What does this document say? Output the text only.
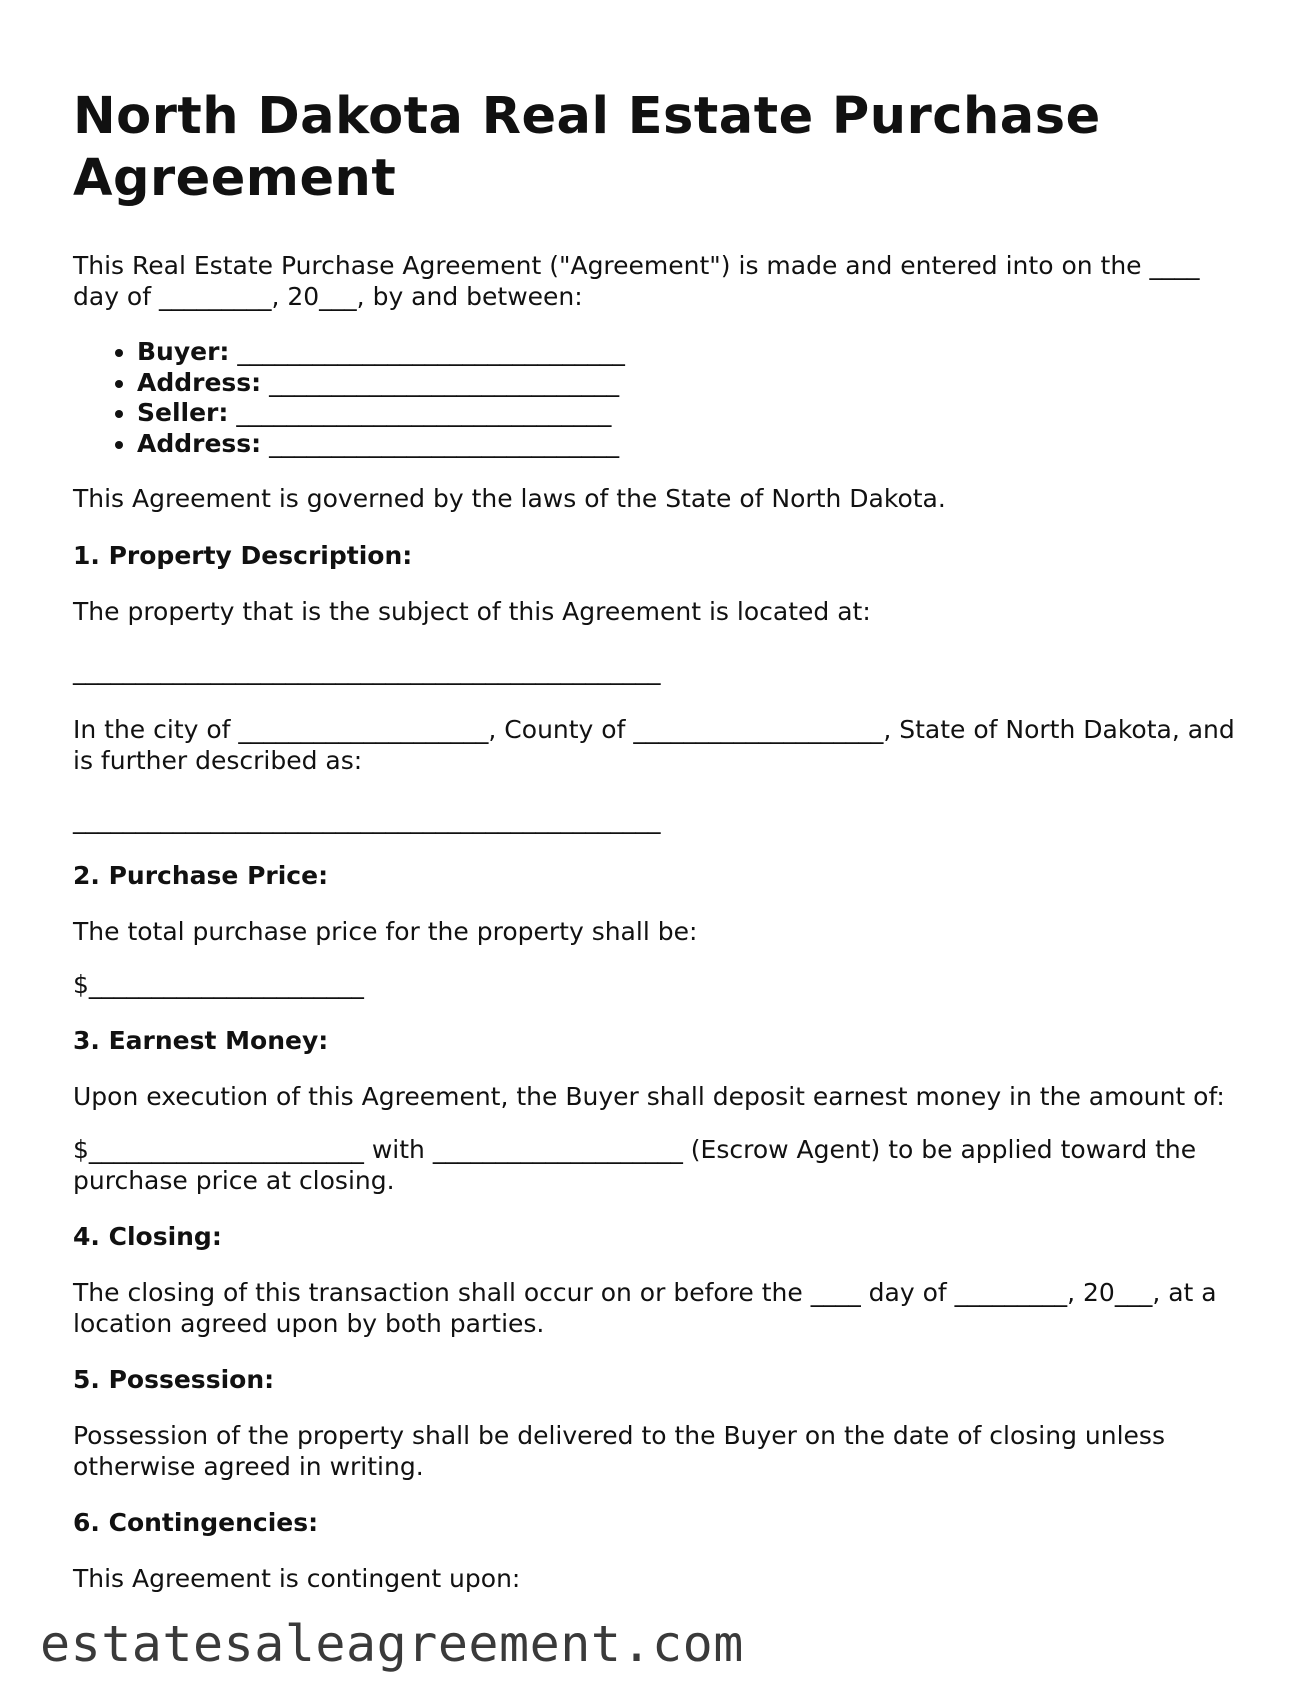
North Dakota Real Estate Purchase Agreement

This Real Estate Purchase Agreement ("Agreement") is made and entered into on the ____ day of _________, 20___, by and between:

• Buyer: _______________________________
• Address: ____________________________
• Seller: ______________________________
• Address: ____________________________

This Agreement is governed by the laws of the State of North Dakota.

1. Property Description:

The property that is the subject of this Agreement is located at:

_______________________________________________

In the city of ____________________, County of ____________________, State of North Dakota, and is further described as:

_______________________________________________

2. Purchase Price:

The total purchase price for the property shall be:

$______________________

3. Earnest Money:

Upon execution of this Agreement, the Buyer shall deposit earnest money in the amount of:

$______________________ with ____________________ (Escrow Agent) to be applied toward the purchase price at closing.

4. Closing:

The closing of this transaction shall occur on or before the ____ day of _________, 20___, at a location agreed upon by both parties.

5. Possession:

Possession of the property shall be delivered to the Buyer on the date of closing unless otherwise agreed in writing.

6. Contingencies:

This Agreement is contingent upon:

estatesaleagreement.com
